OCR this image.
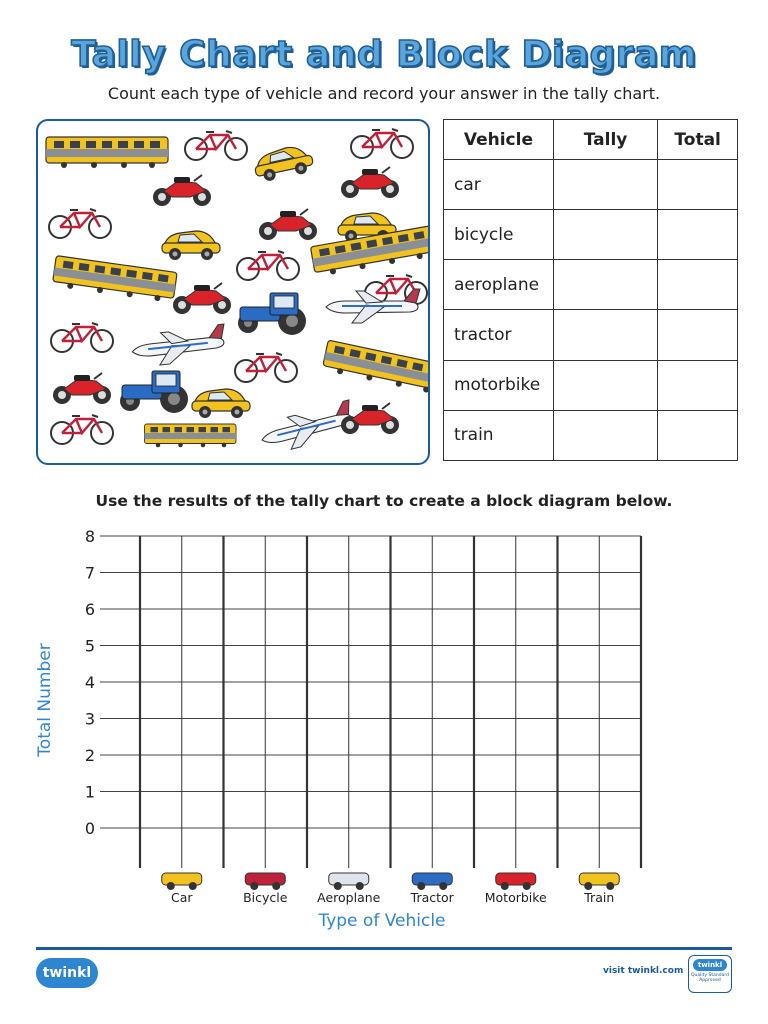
Tally Chart and Block Diagram
Count each type of vehicle and record your answer in the tally chart.
Vehicle	Tally	Total
car		
bicycle		
aeroplane		
tractor		
motorbike		
train		
Use the results of the tally chart to create a block diagram below.
0
1
2
3
4
5
6
7
8
Car	Bicycle Aeroplane Tractor Motorbike	Train
Total Number
Type of Vehicle
twinkl	visit twinkl.com
twinkl
Quality Standard Approved
